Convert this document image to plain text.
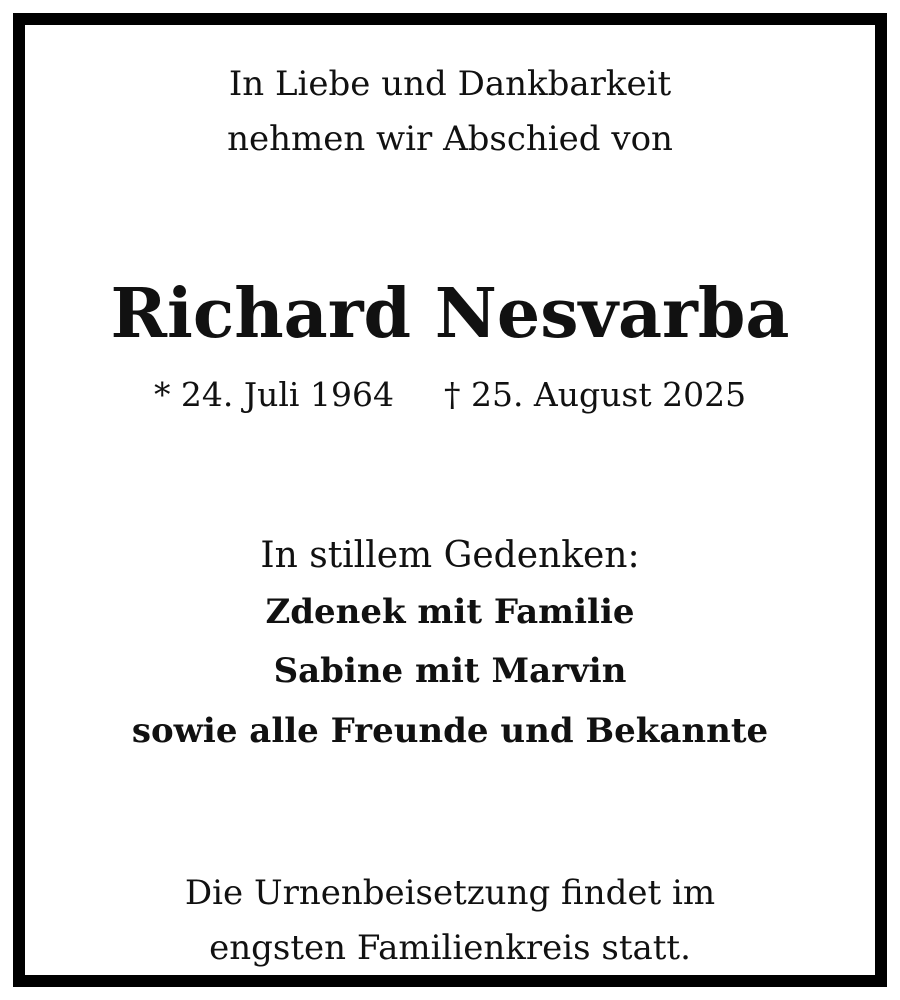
In Liebe und Dankbarkeit
nehmen wir Abschied von
Richard Nesvarba
* 24. Juli 1964 † 25. August 2025
In stillem Gedenken:
Zdenek mit Familie
Sabine mit Marvin
sowie alle Freunde und Bekannte
Die Urnenbeisetzung findet im
engsten Familienkreis statt.
